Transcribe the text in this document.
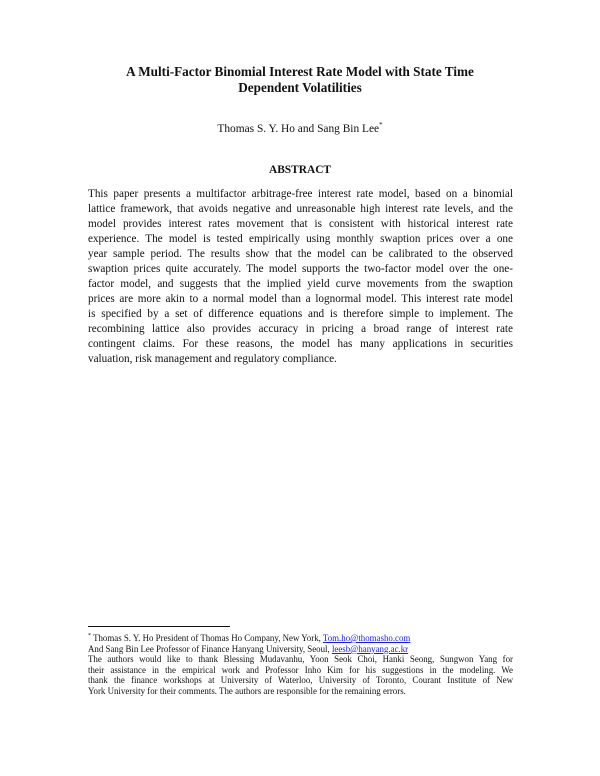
A Multi-Factor Binomial Interest Rate Model with State Time
Dependent Volatilities
Thomas S. Y. Ho and Sang Bin Lee*
ABSTRACT
This paper presents a multifactor arbitrage-free interest rate model, based on a binomial
lattice framework, that avoids negative and unreasonable high interest rate levels, and the
model provides interest rates movement that is consistent with historical interest rate
experience. The model is tested empirically using monthly swaption prices over a one
year sample period. The results show that the model can be calibrated to the observed
swaption prices quite accurately. The model supports the two-factor model over the one-
factor model, and suggests that the implied yield curve movements from the swaption
prices are more akin to a normal model than a lognormal model. This interest rate model
is specified by a set of difference equations and is therefore simple to implement. The
recombining lattice also provides accuracy in pricing a broad range of interest rate
contingent claims. For these reasons, the model has many applications in securities
valuation, risk management and regulatory compliance.
* Thomas S. Y. Ho President of Thomas Ho Company, New York, Tom.ho@thomasho.com
And Sang Bin Lee Professor of Finance Hanyang University, Seoul, leesb@hanyang.ac.kr
The authors would like to thank Blessing Mudavanhu, Yoon Seok Choi, Hanki Seong, Sungwon Yang for
their assistance in the empirical work and Professor Inho Kim for his suggestions in the modeling. We
thank the finance workshops at University of Waterloo, University of Toronto, Courant Institute of New
York University for their comments. The authors are responsible for the remaining errors.
